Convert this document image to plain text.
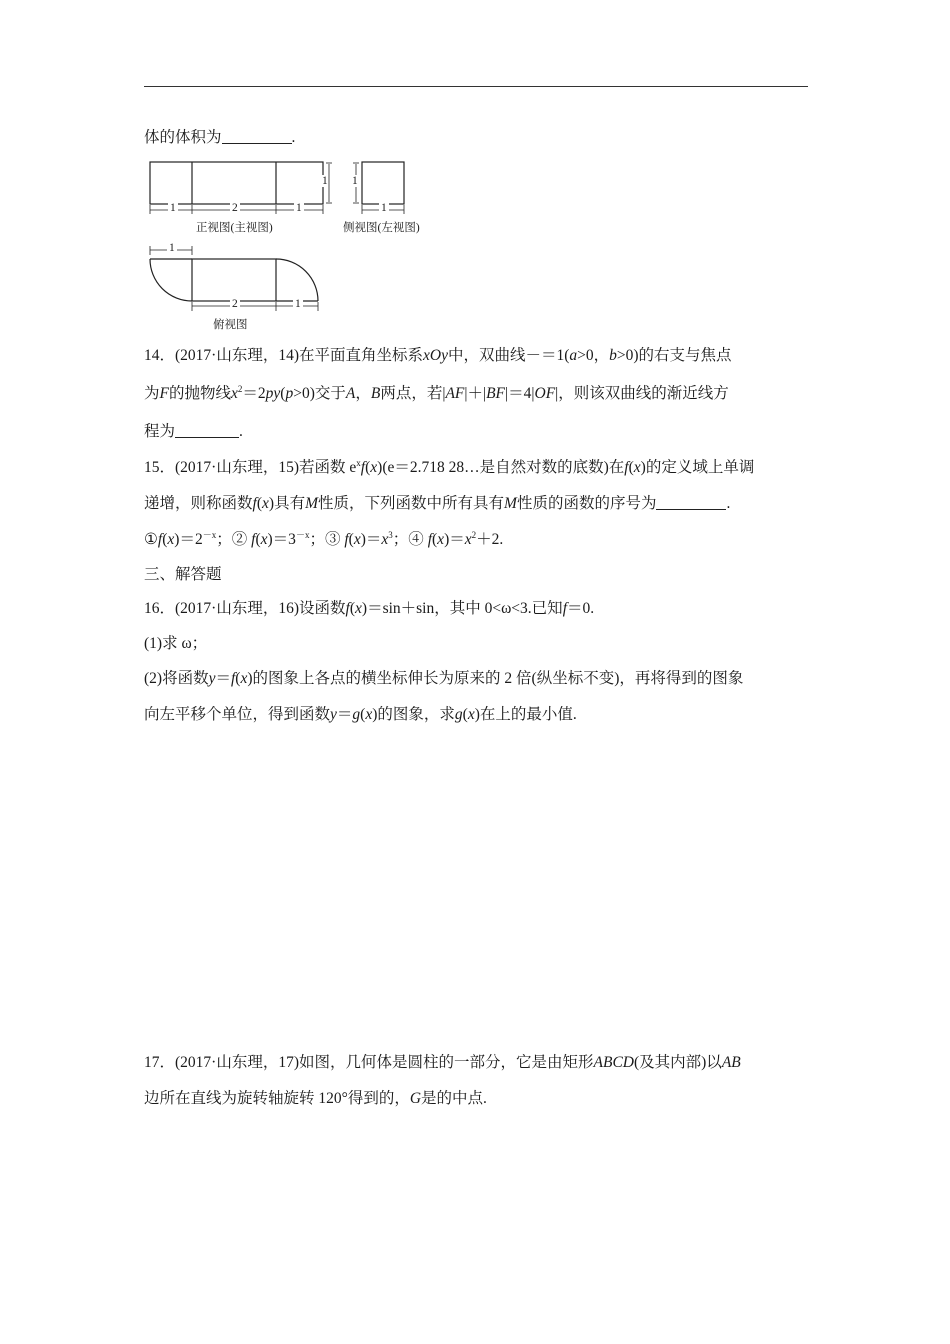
体的体积为	.
1	2	1
1
正视图(主视图)
1
1
侧视图(左视图)
1
2	1
俯视图
14．(2017·山东理，14)在平面直角坐标系xOy中，双曲线－＝1(a>0，b>0)的右支与焦点
为F的抛物线$x^2=2py(p>0)$交于A，B两点，若|AF|＋|BF|＝4|OF|，则该双曲线的渐近线方
程为	.
15．(2017·山东理，15)若函数 $e^xf(x)(e=2.718$ 28…是自然对数的底数)在f(x)的定义域上单调
递增，则称函数f(x)具有M性质，下列函数中所有具有M性质的函数的序号为	.
$①f(x)=2^{-x}$；② $f(x)=3^{-x}$；③ $f(x)=x^3$；④ $f(x)=x^2+2$.
三、解答题
16．(2017·山东理，16)设函数f(x)＝sin＋sin，其中 0<ω<3.已知f＝0.
(1)求 ω；
(2)将函数y＝f(x)的图象上各点的横坐标伸长为原来的 2 倍(纵坐标不变)，再将得到的图象
向左平移个单位，得到函数y＝g(x)的图象，求g(x)在上的最小值.
17．(2017·山东理，17)如图，几何体是圆柱的一部分，它是由矩形ABCD(及其内部)以AB
边所在直线为旋转轴旋转 120°得到的，G是的中点.
